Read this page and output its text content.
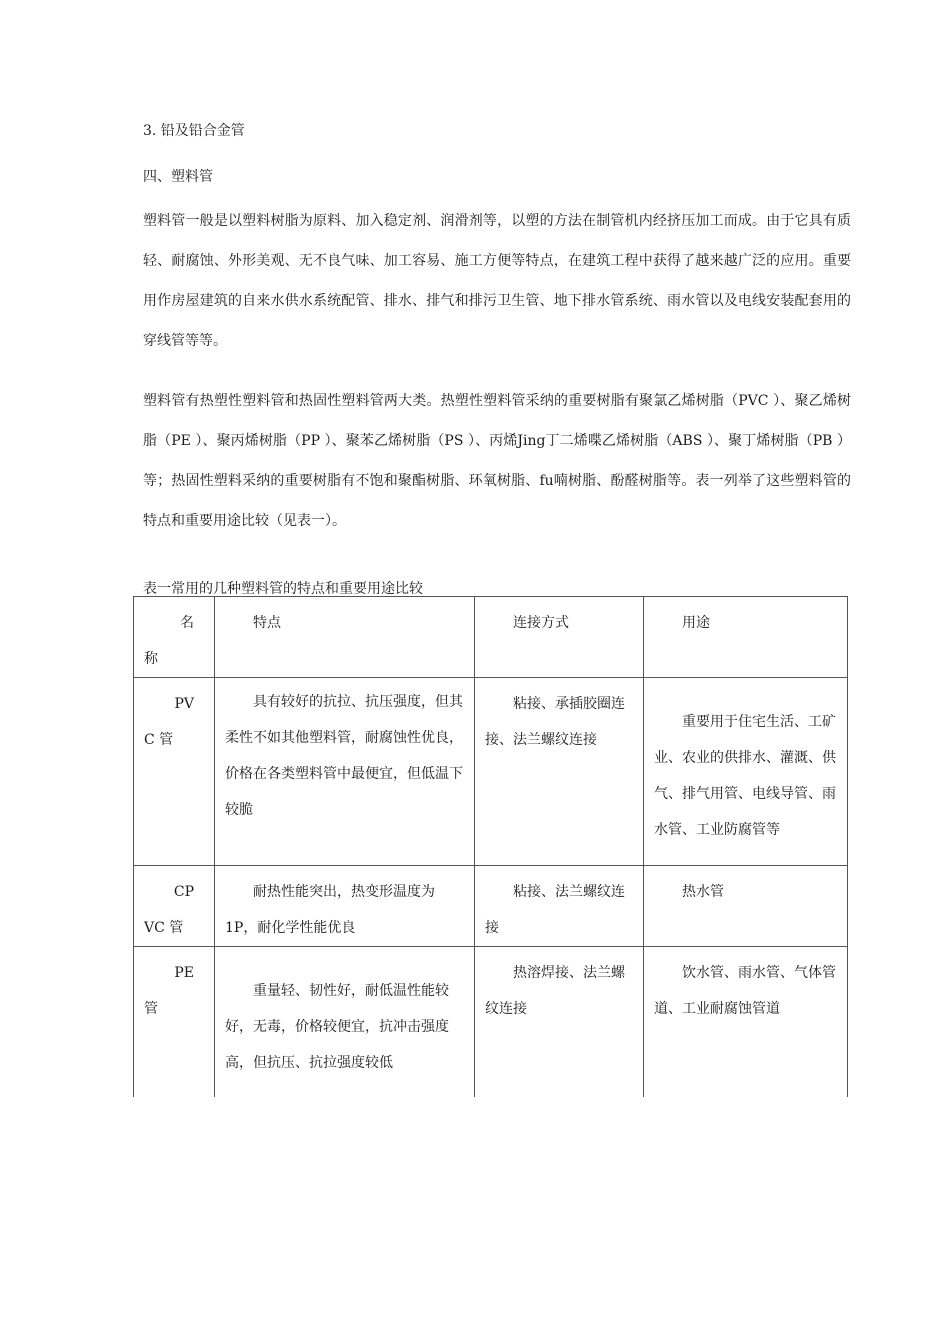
3. 铅及铅合金管
四、塑料管
塑料管一般是以塑料树脂为原料、加入稳定剂、润滑剂等，以塑的方法在制管机内经挤压加工而成。由于它具有质轻、耐腐蚀、外形美观、无不良气味、加工容易、施工方便等特点，在建筑工程中获得了越来越广泛的应用。重要用作房屋建筑的自来水供水系统配管、排水、排气和排污卫生管、地下排水管系统、雨水管以及电线安装配套用的穿线管等等。
塑料管有热塑性塑料管和热固性塑料管两大类。热塑性塑料管采纳的重要树脂有聚氯乙烯树脂（PVC ）、聚乙烯树脂（PE ）、聚丙烯树脂（PP ）、聚苯乙烯树脂（PS ）、丙烯Jing丁二烯喋乙烯树脂（ABS ）、聚丁烯树脂（PB ）等；热固性塑料采纳的重要树脂有不饱和聚酯树脂、环氧树脂、fu喃树脂、酚醛树脂等。表一列举了这些塑料管的特点和重要用途比较（见表一）。
表一常用的几种塑料管的特点和重要用途比较
名
称	特点	连接方式	用途

PV
C 管	具有较好的抗拉、抗压强度，但其柔性不如其他塑料管，耐腐蚀性优良，价格在各类塑料管中最便宜，但低温下较脆	粘接、承插胶圈连接、法兰螺纹连接	重要用于住宅生活、工矿业、农业的供排水、灌溉、供气、排气用管、电线导管、雨水管、工业防腐管等

CP
VC 管	耐热性能突出，热变形温度为 1P，耐化学性能优良	粘接、法兰螺纹连接	热水管

PE
管	重量轻、韧性好，耐低温性能较好，无毒，价格较便宜，抗冲击强度高，但抗压、抗拉强度较低	热溶焊接、法兰螺纹连接	饮水管、雨水管、气体管道、工业耐腐蚀管道
